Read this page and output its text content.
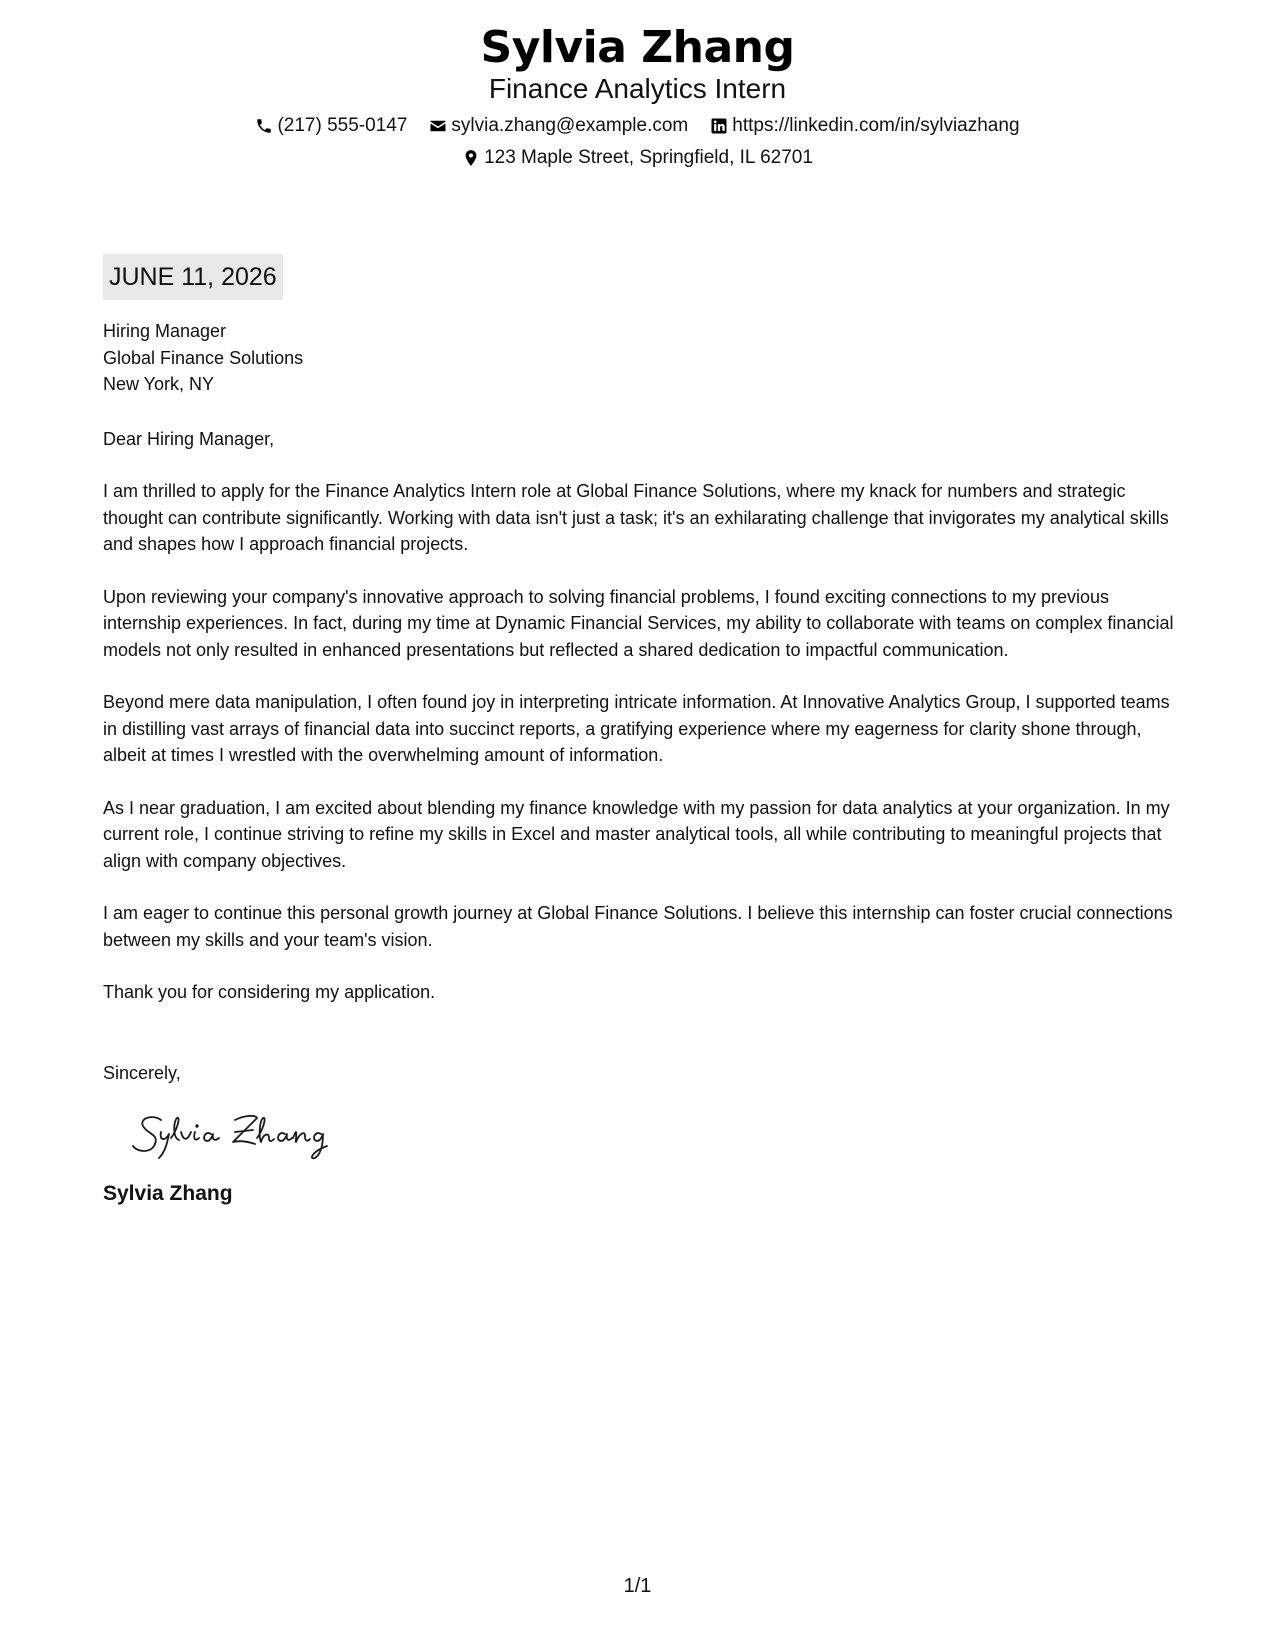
Sylvia Zhang
Finance Analytics Intern
(217) 555-0147 sylvia.zhang@example.com https://linkedin.com/in/sylviazhang
123 Maple Street, Springfield, IL 62701
JUNE 11, 2026
Hiring Manager
Global Finance Solutions
New York, NY

Dear Hiring Manager,

I am thrilled to apply for the Finance Analytics Intern role at Global Finance Solutions, where my knack for numbers and strategic thought can contribute significantly. Working with data isn't just a task; it's an exhilarating challenge that invigorates my analytical skills and shapes how I approach financial projects.

Upon reviewing your company's innovative approach to solving financial problems, I found exciting connections to my previous internship experiences. In fact, during my time at Dynamic Financial Services, my ability to collaborate with teams on complex financial models not only resulted in enhanced presentations but reflected a shared dedication to impactful communication.

Beyond mere data manipulation, I often found joy in interpreting intricate information. At Innovative Analytics Group, I supported teams in distilling vast arrays of financial data into succinct reports, a gratifying experience where my eagerness for clarity shone through, albeit at times I wrestled with the overwhelming amount of information.

As I near graduation, I am excited about blending my finance knowledge with my passion for data analytics at your organization. In my current role, I continue striving to refine my skills in Excel and master analytical tools, all while contributing to meaningful projects that align with company objectives.

I am eager to continue this personal growth journey at Global Finance Solutions. I believe this internship can foster crucial connections between my skills and your team's vision.

Thank you for considering my application.

Sincerely,

Sylvia Zhang
1/1
